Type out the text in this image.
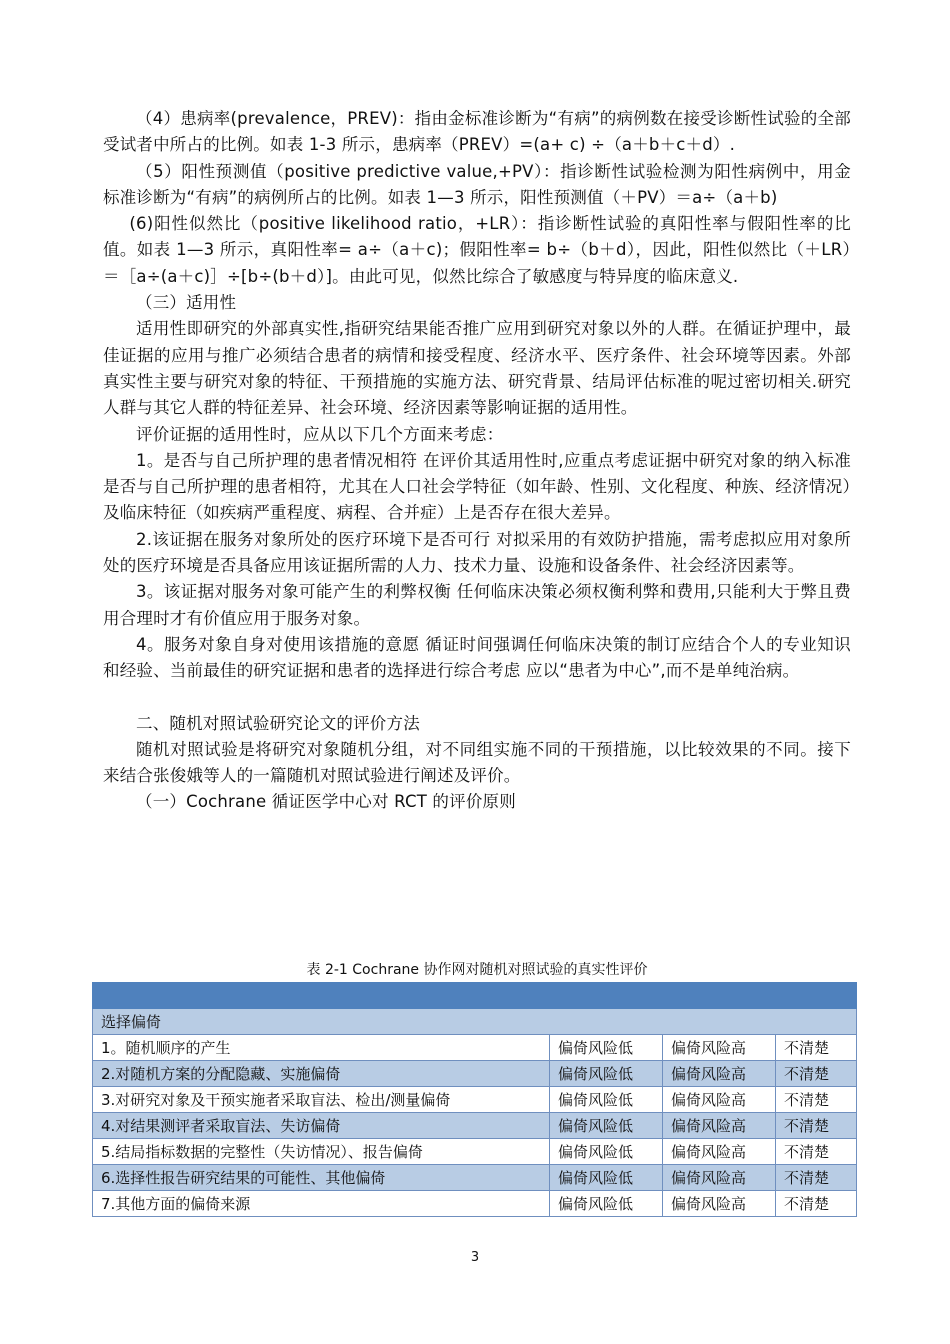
（4）患病率(prevalence，PREV)：指由金标准诊断为“有病”的病例数在接受诊断性试验的全部受试者中所占的比例。如表 1-3 所示，患病率（PREV）=(a+ c) ÷（a＋b＋c＋d）.

（5）阳性预测值（positive predictive value,+PV）：指诊断性试验检测为阳性病例中，用金标准诊断为“有病”的病例所占的比例。如表 1—3 所示，阳性预测值（＋PV）＝a÷（a＋b)

(6)阳性似然比（positive likelihood ratio，+LR）：指诊断性试验的真阳性率与假阳性率的比值。如表 1—3 所示，真阳性率= a÷（a＋c)；假阳性率= b÷（b＋d），因此，阳性似然比（＋LR）＝［a÷(a＋c)］÷[b÷(b＋d）]。由此可见，似然比综合了敏感度与特异度的临床意义.

（三）适用性

适用性即研究的外部真实性,指研究结果能否推广应用到研究对象以外的人群。在循证护理中，最佳证据的应用与推广必须结合患者的病情和接受程度、经济水平、医疗条件、社会环境等因素。外部真实性主要与研究对象的特征、干预措施的实施方法、研究背景、结局评估标准的呢过密切相关.研究人群与其它人群的特征差异、社会环境、经济因素等影响证据的适用性。

评价证据的适用性时，应从以下几个方面来考虑：

1。是否与自己所护理的患者情况相符 在评价其适用性时,应重点考虑证据中研究对象的纳入标准是否与自己所护理的患者相符，尤其在人口社会学特征（如年龄、性别、文化程度、种族、经济情况）及临床特征（如疾病严重程度、病程、合并症）上是否存在很大差异。

2.该证据在服务对象所处的医疗环境下是否可行 对拟采用的有效防护措施，需考虑拟应用对象所处的医疗环境是否具备应用该证据所需的人力、技术力量、设施和设备条件、社会经济因素等。

3。该证据对服务对象可能产生的利弊权衡 任何临床决策必须权衡利弊和费用,只能利大于弊且费用合理时才有价值应用于服务对象。

4。服务对象自身对使用该措施的意愿 循证时间强调任何临床决策的制订应结合个人的专业知识和经验、当前最佳的研究证据和患者的选择进行综合考虑 应以“患者为中心”,而不是单纯治病。

二、随机对照试验研究论文的评价方法

随机对照试验是将研究对象随机分组，对不同组实施不同的干预措施，以比较效果的不同。接下来结合张俊娥等人的一篇随机对照试验进行阐述及评价。

（一）Cochrane 循证医学中心对 RCT 的评价原则

表 2-1 Cochrane 协作网对随机对照试验的真实性评价

选择偏倚			
1。随机顺序的产生	偏倚风险低	偏倚风险高	不清楚
2.对随机方案的分配隐藏、实施偏倚	偏倚风险低	偏倚风险高	不清楚
3.对研究对象及干预实施者采取盲法、检出/测量偏倚	偏倚风险低	偏倚风险高	不清楚
4.对结果测评者采取盲法、失访偏倚	偏倚风险低	偏倚风险高	不清楚
5.结局指标数据的完整性（失访情况）、报告偏倚	偏倚风险低	偏倚风险高	不清楚
6.选择性报告研究结果的可能性、其他偏倚	偏倚风险低	偏倚风险高	不清楚
7.其他方面的偏倚来源	偏倚风险低	偏倚风险高	不清楚
3
